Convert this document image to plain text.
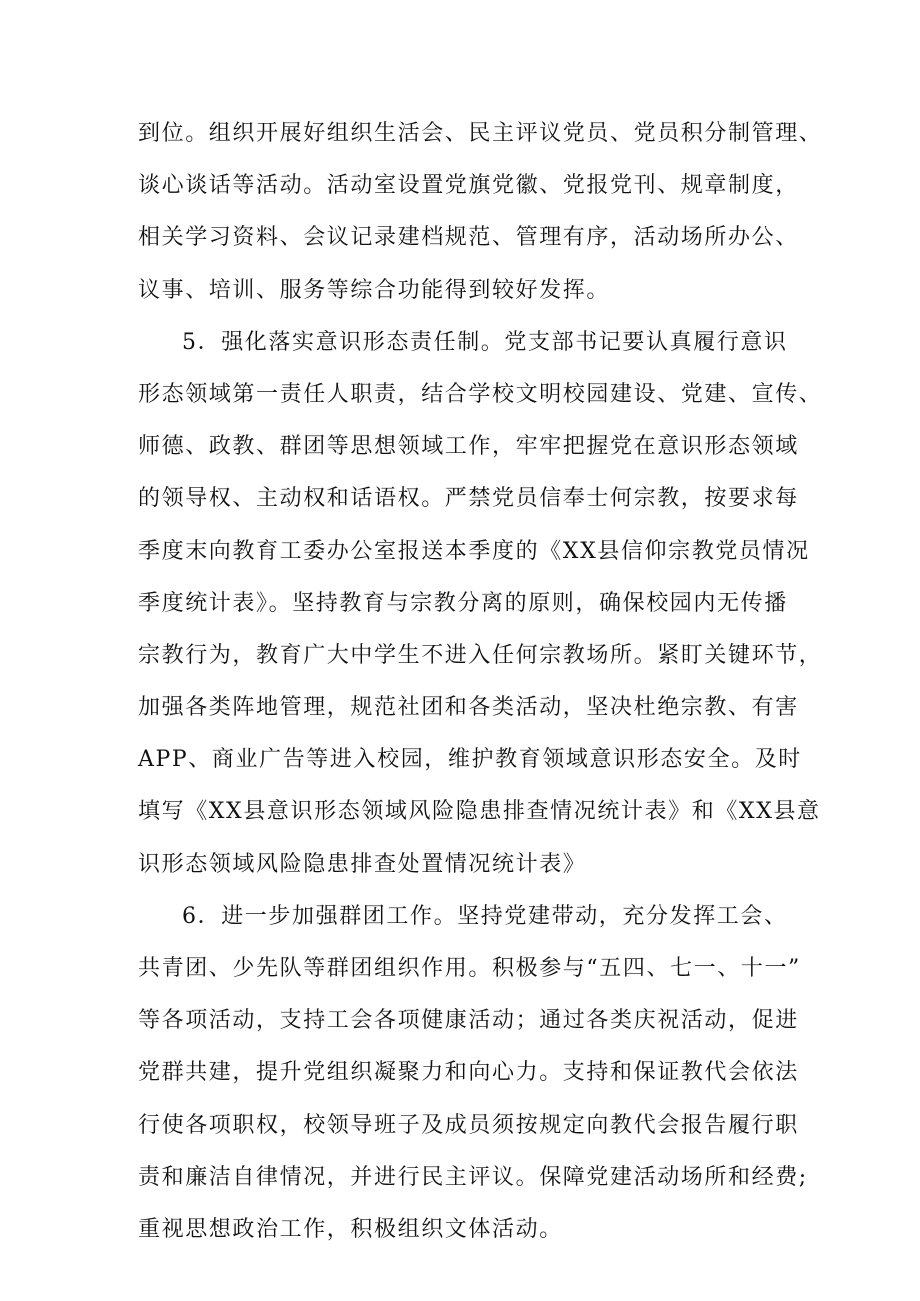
到位。组织开展好组织生活会、民主评议党员、党员积分制管理、
谈心谈话等活动。活动室设置党旗党徽、党报党刊、规章制度，
相关学习资料、会议记录建档规范、管理有序，活动场所办公、
议事、培训、服务等综合功能得到较好发挥。
5．强化落实意识形态责任制。党支部书记要认真履行意识
形态领域第一责任人职责，结合学校文明校园建设、党建、宣传、
师德、政教、群团等思想领域工作，牢牢把握党在意识形态领域
的领导权、主动权和话语权。严禁党员信奉士何宗教，按要求每
季度末向教育工委办公室报送本季度的《XX县信仰宗教党员情况
季度统计表》。坚持教育与宗教分离的原则，确保校园内无传播
宗教行为，教育广大中学生不进入任何宗教场所。紧盯关键环节，
加强各类阵地管理，规范社团和各类活动，坚决杜绝宗教、有害
APP、商业广告等进入校园，维护教育领域意识形态安全。及时
填写《XX县意识形态领域风险隐患排查情况统计表》和《XX县意
识形态领域风险隐患排查处置情况统计表》
6．进一步加强群团工作。坚持党建带动，充分发挥工会、
共青团、少先队等群团组织作用。积极参与“五四、七一、十一”
等各项活动，支持工会各项健康活动；通过各类庆祝活动，促进
党群共建，提升党组织凝聚力和向心力。支持和保证教代会依法
行使各项职权，校领导班子及成员须按规定向教代会报告履行职
责和廉洁自律情况，并进行民主评议。保障党建活动场所和经费;
重视思想政治工作，积极组织文体活动。
